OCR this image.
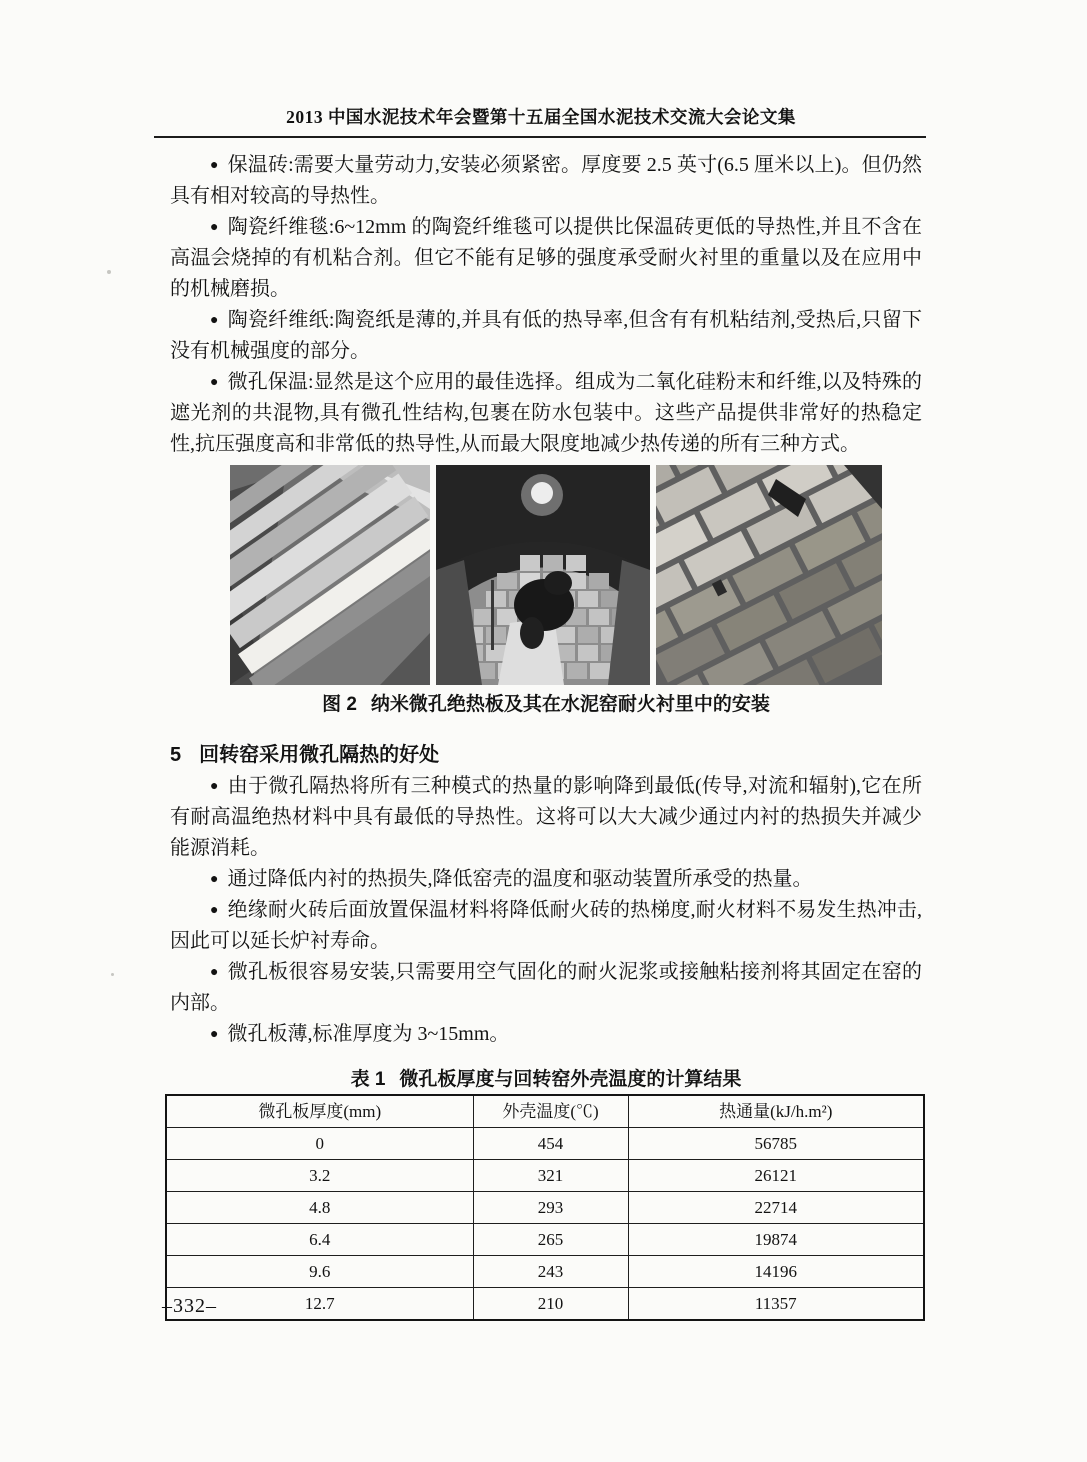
2013 中国水泥技术年会暨第十五届全国水泥技术交流大会论文集

● 保温砖:需要大量劳动力,安装必须紧密。厚度要 2.5 英寸(6.5 厘米以上)。但仍然具有相对较高的导热性。

● 陶瓷纤维毯:6~12mm 的陶瓷纤维毯可以提供比保温砖更低的导热性,并且不含在高温会烧掉的有机粘合剂。但它不能有足够的强度承受耐火衬里的重量以及在应用中的机械磨损。

● 陶瓷纤维纸:陶瓷纸是薄的,并具有低的热导率,但含有有机粘结剂,受热后,只留下没有机械强度的部分。

● 微孔保温:显然是这个应用的最佳选择。组成为二氧化硅粉末和纤维,以及特殊的遮光剂的共混物,具有微孔性结构,包裹在防水包装中。这些产品提供非常好的热稳定性,抗压强度高和非常低的热导性,从而最大限度地减少热传递的所有三种方式。

图 2 纳米微孔绝热板及其在水泥窑耐火衬里中的安装
5 回转窑采用微孔隔热的好处

● 由于微孔隔热将所有三种模式的热量的影响降到最低(传导,对流和辐射),它在所有耐高温绝热材料中具有最低的导热性。这将可以大大减少通过内衬的热损失并减少能源消耗。

● 通过降低内衬的热损失,降低窑壳的温度和驱动装置所承受的热量。

● 绝缘耐火砖后面放置保温材料将降低耐火砖的热梯度,耐火材料不易发生热冲击,因此可以延长炉衬寿命。

● 微孔板很容易安装,只需要用空气固化的耐火泥浆或接触粘接剂将其固定在窑的内部。

● 微孔板薄,标准厚度为 3~15mm。

表 1 微孔板厚度与回转窑外壳温度的计算结果
微孔板厚度(mm)	外壳温度(℃)	热通量(kJ/h.m²)
0	454	56785
3.2	321	26121
4.8	293	22714
6.4	265	19874
9.6	243	14196
12.7	210	11357
–332–
